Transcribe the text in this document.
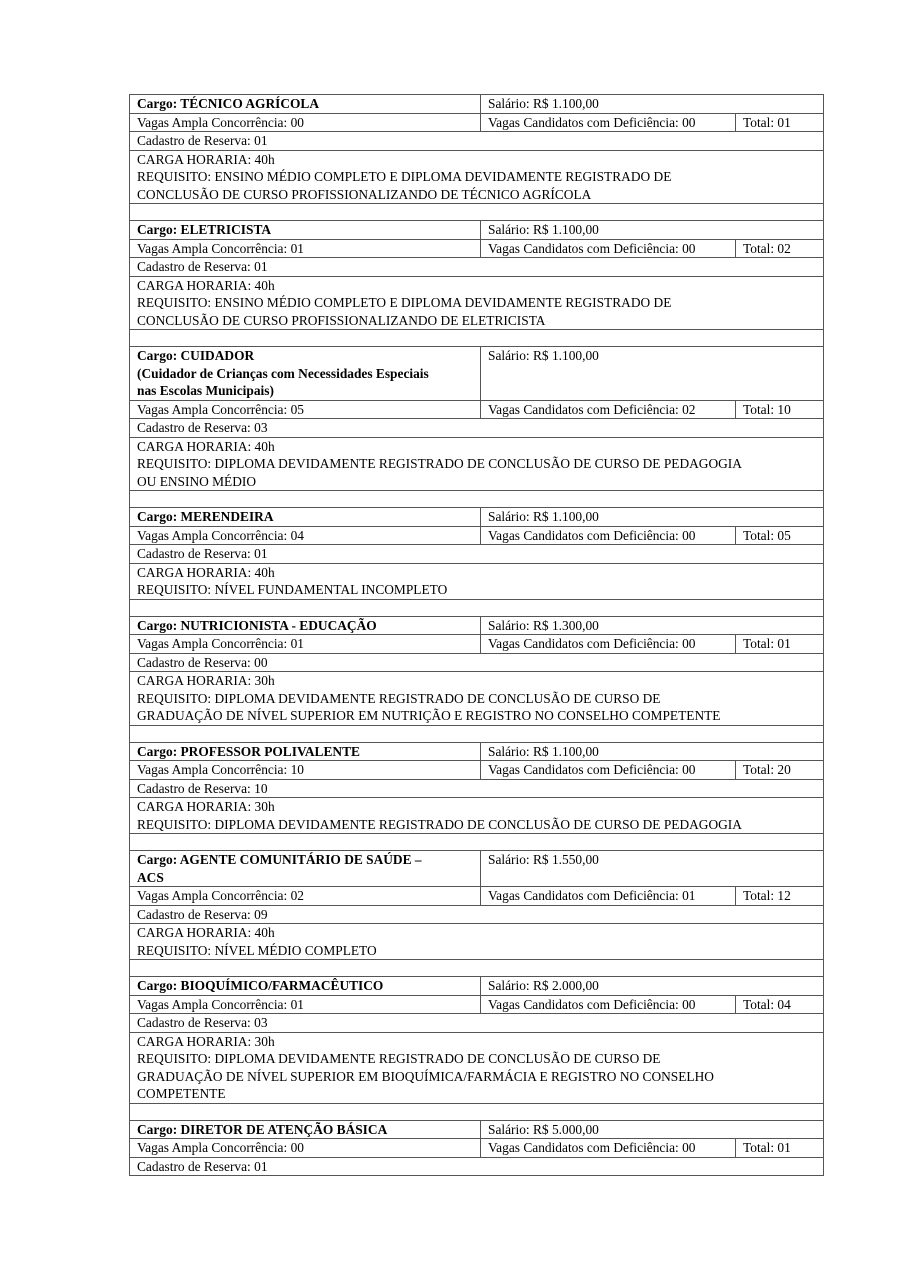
Cargo: TÉCNICO AGRÍCOLA	Salário: R$ 1.100,00	
Vagas Ampla Concorrência: 00	Vagas Candidatos com Deficiência: 00	Total: 01
Cadastro de Reserva: 01		

CARGA HORARIA: 40h
REQUISITO: ENSINO MÉDIO COMPLETO E DIPLOMA DEVIDAMENTE REGISTRADO DE
CONCLUSÃO DE CURSO PROFISSIONALIZANDO DE TÉCNICO AGRÍCOLA		

Cargo: ELETRICISTA	Salário: R$ 1.100,00	
Vagas Ampla Concorrência: 01	Vagas Candidatos com Deficiência: 00	Total: 02
Cadastro de Reserva: 01		

CARGA HORARIA: 40h
REQUISITO: ENSINO MÉDIO COMPLETO E DIPLOMA DEVIDAMENTE REGISTRADO DE
CONCLUSÃO DE CURSO PROFISSIONALIZANDO DE ELETRICISTA		

Cargo: CUIDADOR
(Cuidador de Crianças com Necessidades Especiais
nas Escolas Municipais)	Salário: R$ 1.100,00	
Vagas Ampla Concorrência: 05	Vagas Candidatos com Deficiência: 02	Total: 10
Cadastro de Reserva: 03		

CARGA HORARIA: 40h
REQUISITO: DIPLOMA DEVIDAMENTE REGISTRADO DE CONCLUSÃO DE CURSO DE PEDAGOGIA
OU ENSINO MÉDIO		

Cargo: MERENDEIRA	Salário: R$ 1.100,00	
Vagas Ampla Concorrência: 04	Vagas Candidatos com Deficiência: 00	Total: 05
Cadastro de Reserva: 01		

CARGA HORARIA: 40h
REQUISITO: NÍVEL FUNDAMENTAL INCOMPLETO		

Cargo: NUTRICIONISTA - EDUCAÇÃO	Salário: R$ 1.300,00	
Vagas Ampla Concorrência: 01	Vagas Candidatos com Deficiência: 00	Total: 01
Cadastro de Reserva: 00		

CARGA HORARIA: 30h
REQUISITO: DIPLOMA DEVIDAMENTE REGISTRADO DE CONCLUSÃO DE CURSO DE
GRADUAÇÃO DE NÍVEL SUPERIOR EM NUTRIÇÃO E REGISTRO NO CONSELHO COMPETENTE		

Cargo: PROFESSOR POLIVALENTE	Salário: R$ 1.100,00	
Vagas Ampla Concorrência: 10	Vagas Candidatos com Deficiência: 00	Total: 20
Cadastro de Reserva: 10		

CARGA HORARIA: 30h
REQUISITO: DIPLOMA DEVIDAMENTE REGISTRADO DE CONCLUSÃO DE CURSO DE PEDAGOGIA		

Cargo: AGENTE COMUNITÁRIO DE SAÚDE –
ACS	Salário: R$ 1.550,00	
Vagas Ampla Concorrência: 02	Vagas Candidatos com Deficiência: 01	Total: 12
Cadastro de Reserva: 09		

CARGA HORARIA: 40h
REQUISITO: NÍVEL MÉDIO COMPLETO		

Cargo: BIOQUÍMICO/FARMACÊUTICO	Salário: R$ 2.000,00	
Vagas Ampla Concorrência: 01	Vagas Candidatos com Deficiência: 00	Total: 04
Cadastro de Reserva: 03		

CARGA HORARIA: 30h
REQUISITO: DIPLOMA DEVIDAMENTE REGISTRADO DE CONCLUSÃO DE CURSO DE
GRADUAÇÃO DE NÍVEL SUPERIOR EM BIOQUÍMICA/FARMÁCIA E REGISTRO NO CONSELHO
COMPETENTE		

Cargo: DIRETOR DE ATENÇÃO BÁSICA	Salário: R$ 5.000,00	
Vagas Ampla Concorrência: 00	Vagas Candidatos com Deficiência: 00	Total: 01
Cadastro de Reserva: 01		
